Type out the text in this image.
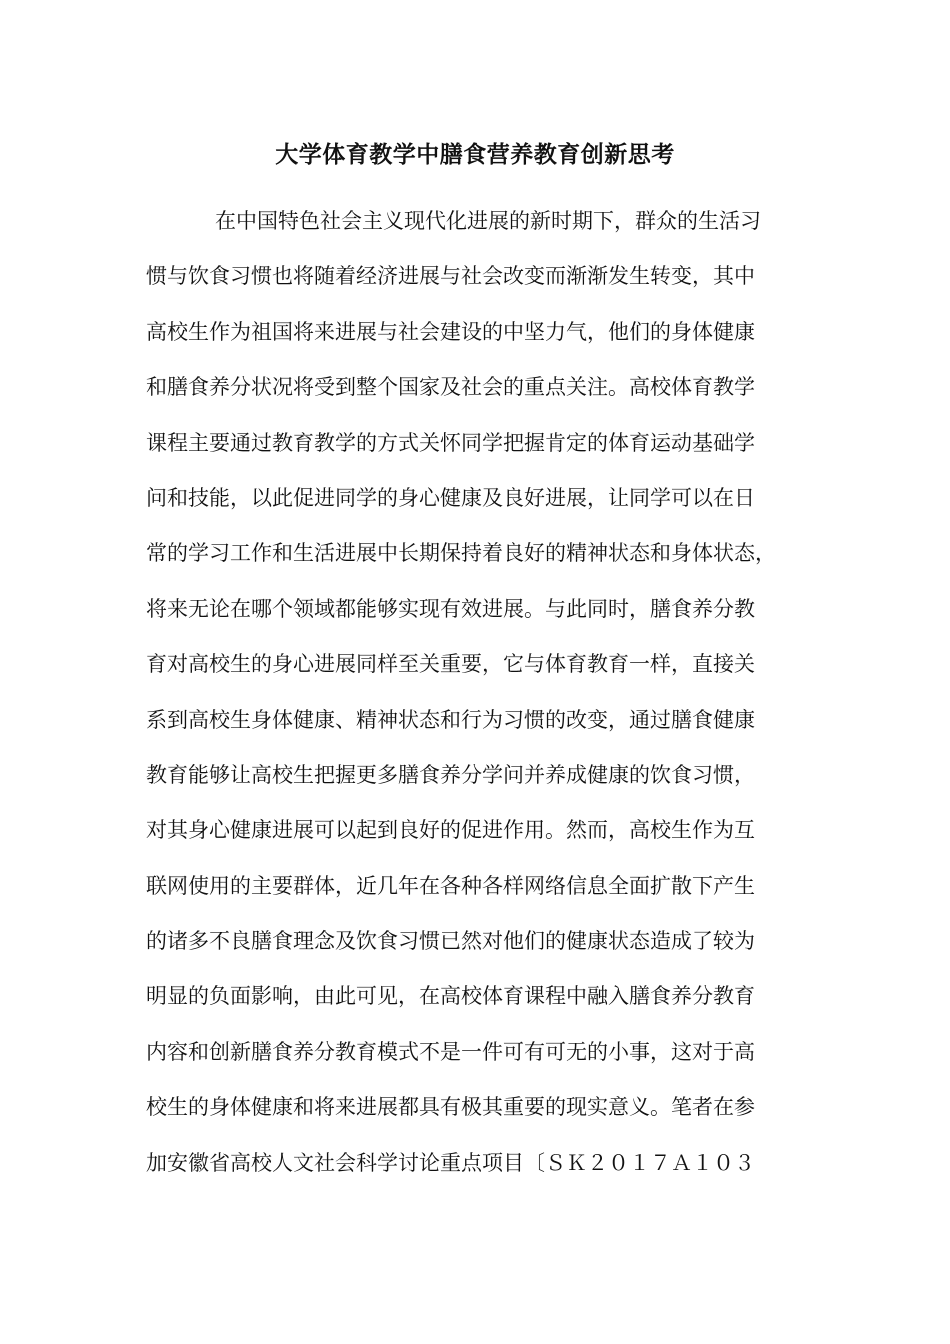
大学体育教学中膳食营养教育创新思考
在中国特色社会主义现代化进展的新时期下，群众的生活习
惯与饮食习惯也将随着经济进展与社会改变而渐渐发生转变，其中
高校生作为祖国将来进展与社会建设的中坚力气，他们的身体健康
和膳食养分状况将受到整个国家及社会的重点关注。高校体育教学
课程主要通过教育教学的方式关怀同学把握肯定的体育运动基础学
问和技能，以此促进同学的身心健康及良好进展，让同学可以在日
常的学习工作和生活进展中长期保持着良好的精神状态和身体状态，
将来无论在哪个领域都能够实现有效进展。与此同时，膳食养分教
育对高校生的身心进展同样至关重要，它与体育教育一样，直接关
系到高校生身体健康、精神状态和行为习惯的改变，通过膳食健康
教育能够让高校生把握更多膳食养分学问并养成健康的饮食习惯，
对其身心健康进展可以起到良好的促进作用。然而，高校生作为互
联网使用的主要群体，近几年在各种各样网络信息全面扩散下产生
的诸多不良膳食理念及饮食习惯已然对他们的健康状态造成了较为
明显的负面影响，由此可见，在高校体育课程中融入膳食养分教育
内容和创新膳食养分教育模式不是一件可有可无的小事，这对于高
校生的身体健康和将来进展都具有极其重要的现实意义。笔者在参
加安徽省高校人文社会科学讨论重点项目〔ＳＫ２０１７Ａ１０３
